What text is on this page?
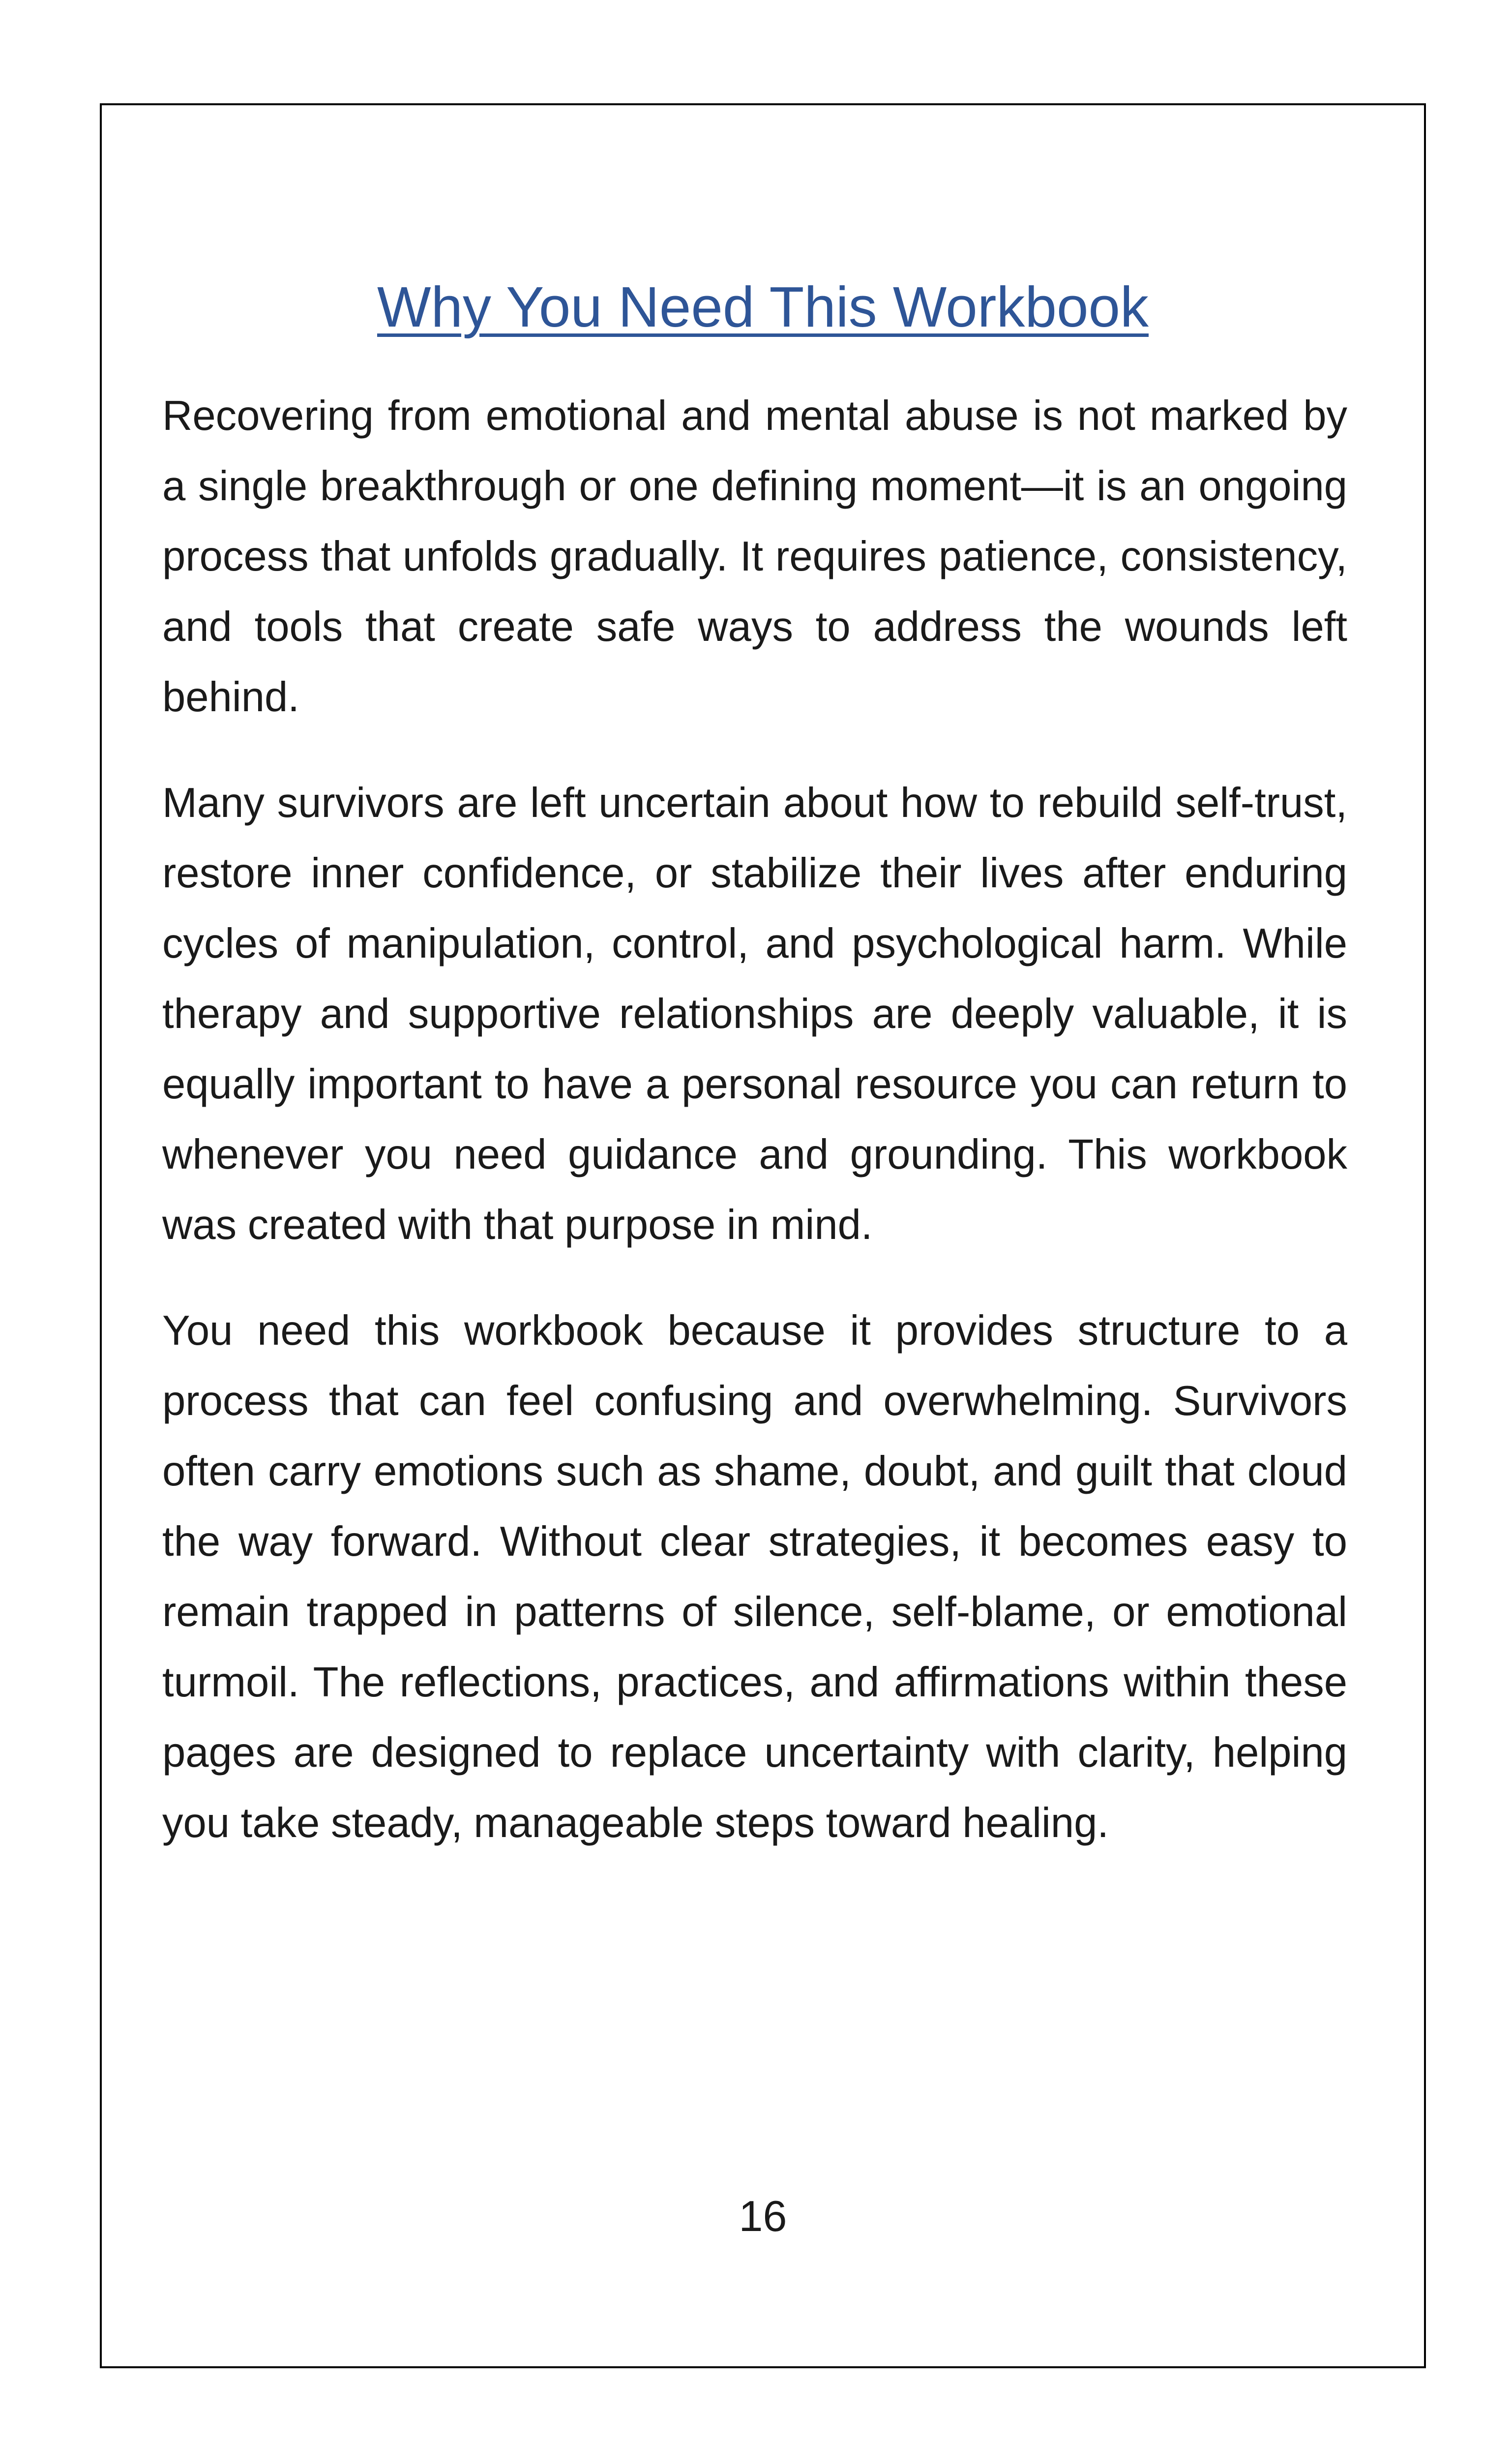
Why You Need This Workbook

Recovering from emotional and mental abuse is not marked by a single breakthrough or one defining moment—it is an ongoing process that unfolds gradually. It requires patience, consistency, and tools that create safe ways to address the wounds left behind.

Many survivors are left uncertain about how to rebuild self-trust, restore inner confidence, or stabilize their lives after enduring cycles of manipulation, control, and psychological harm. While therapy and supportive relationships are deeply valuable, it is equally important to have a personal resource you can return to whenever you need guidance and grounding. This workbook was created with that purpose in mind.

You need this workbook because it provides structure to a process that can feel confusing and overwhelming. Survivors often carry emotions such as shame, doubt, and guilt that cloud the way forward. Without clear strategies, it becomes easy to remain trapped in patterns of silence, self-blame, or emotional turmoil. The reflections, practices, and affirmations within these pages are designed to replace uncertainty with clarity, helping you take steady, manageable steps toward healing.

16
